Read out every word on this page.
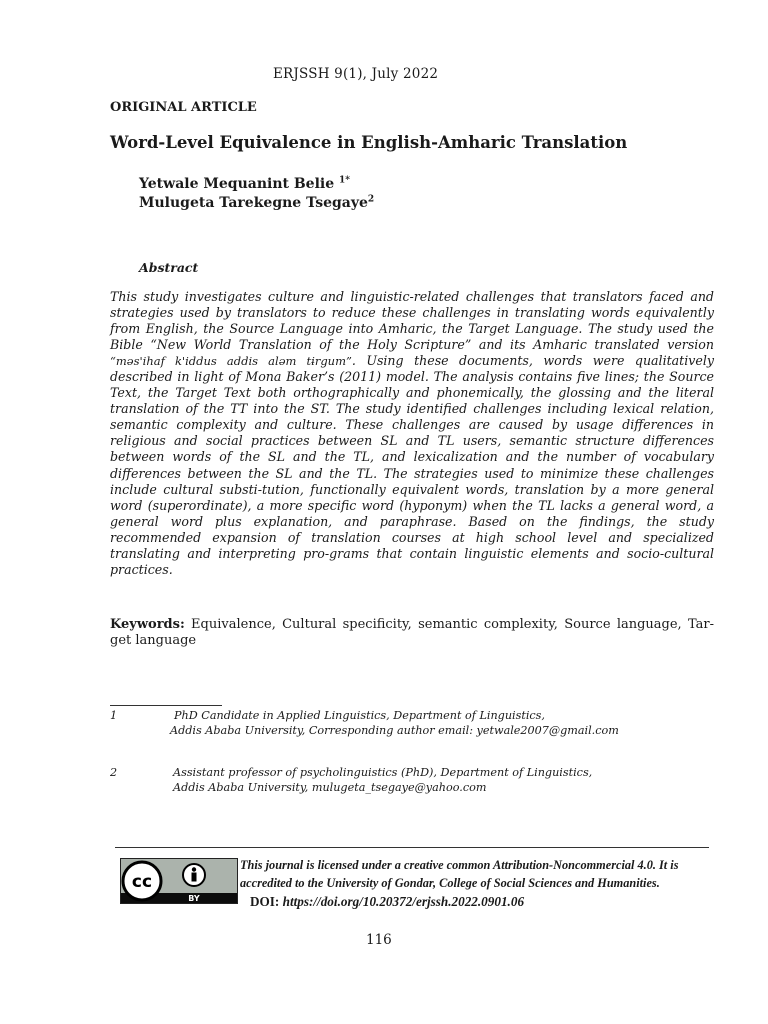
ERJSSH 9(1), July 2022
ORIGINAL ARTICLE
Word-Level Equivalence in English-Amharic Translation
Yetwale Mequanint Belie $^{1*}$
Mulugeta Tarekegne Tsegaye$^2$
Abstract

This study investigates culture and linguistic-related challenges that translators faced and strategies used by translators to reduce these challenges in translating words equivalently from English, the Source Language into Amharic, the Target Language. The study used the Bible “New World Translation of the Holy Scripture” and its Amharic translated version “məs'ihaf k'iddus addis aləm tɨrgum”. Using these documents, words were qualitatively described in light of Mona Baker’s (2011) model. The analysis contains five lines; the Source Text, the Target Text both orthographically and phonemically, the glossing and the literal translation of the TT into the ST. The study identified challenges including lexical relation, semantic complexity and culture. These challenges are caused by usage differences in religious and social practices between SL and TL users, semantic structure differences between words of the SL and the TL, and lexicalization and the number of vocabulary differences between the SL and the TL. The strategies used to minimize these challenges include cultural substi-tution, functionally equivalent words, translation by a more general word (superordinate), a more specific word (hyponym) when the TL lacks a general word, a general word plus explanation, and paraphrase. Based on the findings, the study recommended expansion of translation courses at high school level and specialized translating and interpreting pro-grams that contain linguistic elements and socio-cultural practices.

Keywords: Equivalence, Cultural specificity, semantic complexity, Source language, Tar-get language

1	PhD Candidate in Applied Linguistics, Department of Linguistics,
Addis Ababa University, Corresponding author email: yetwale2007@gmail.com
2	Assistant professor of psycholinguistics (PhD), Department of Linguistics,
Addis Ababa University, mulugeta_tsegaye@yahoo.com
cc
BY
This journal is licensed under a creative common Attribution-Noncommercial 4.0. It is
accredited to the University of Gondar, College of Social Sciences and Humanities.
DOI: https://doi.org/10.20372/erjssh.2022.0901.06
116
